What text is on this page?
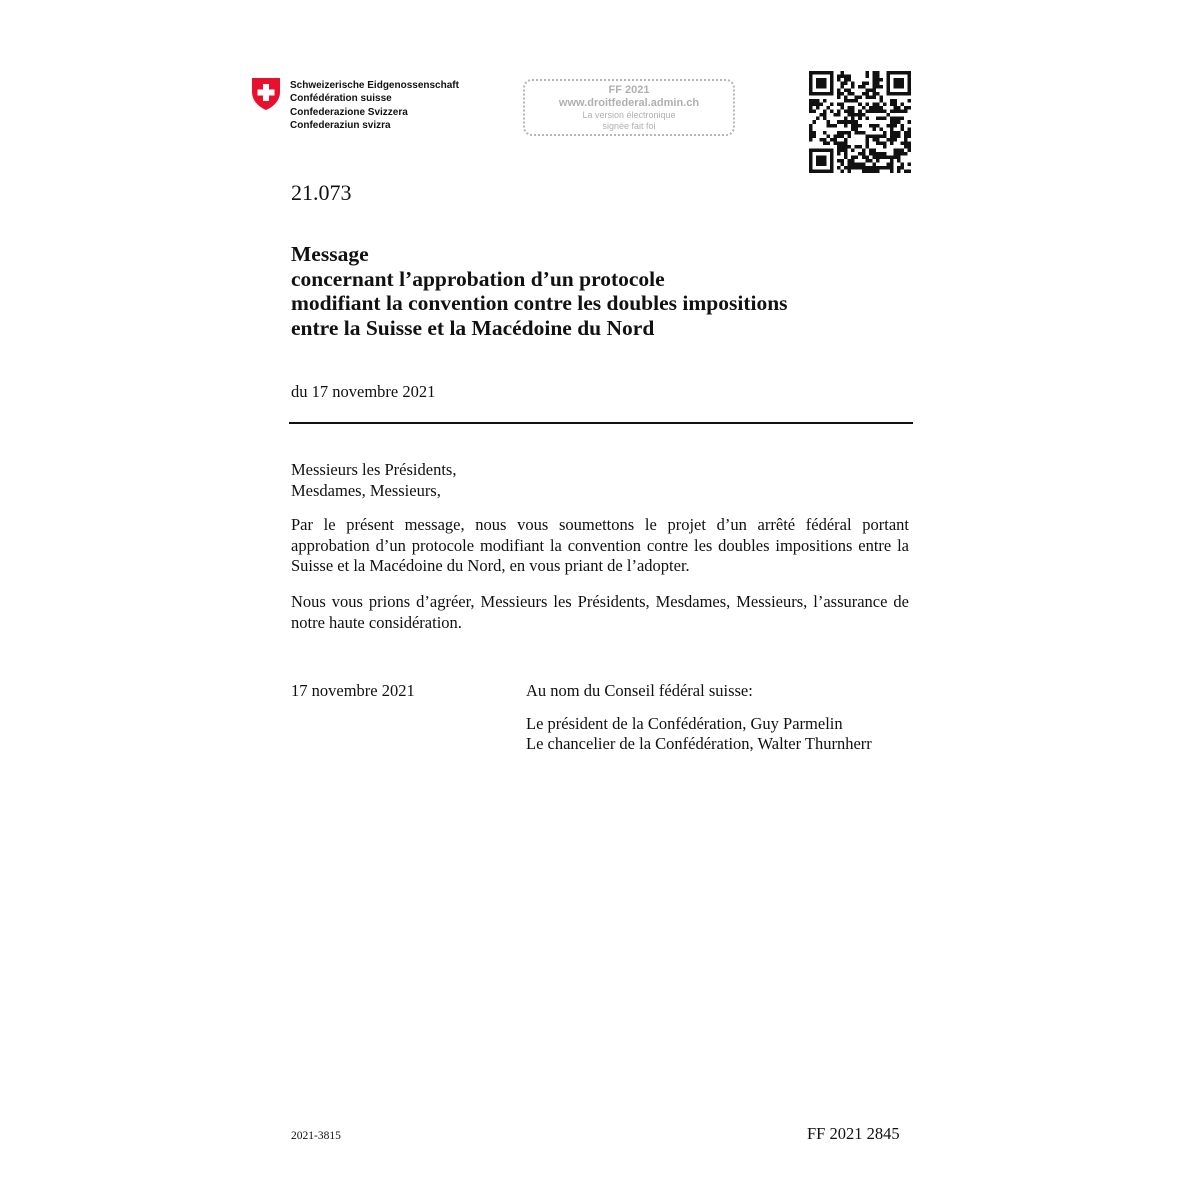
Schweizerische Eidgenossenschaft
Confédération suisse
Confederazione Svizzera
Confederaziun svizra
FF 2021
www.droitfederal.admin.ch
La version électronique
signée fait foi
21.073
Message
concernant l’approbation d’un protocole
modifiant la convention contre les doubles impositions
entre la Suisse et la Macédoine du Nord
du 17 novembre 2021
Messieurs les Présidents,
Mesdames, Messieurs,
Par le présent message, nous vous soumettons le projet d’un arrêté fédéral portant approbation d’un protocole modifiant la convention contre les doubles impositions entre la Suisse et la Macédoine du Nord, en vous priant de l’adopter.
Nous vous prions d’agréer, Messieurs les Présidents, Mesdames, Messieurs, l’assurance de notre haute considération.
17 novembre 2021	Au nom du Conseil fédéral suisse:
Le président de la Confédération, Guy Parmelin
Le chancelier de la Confédération, Walter Thurnherr
2021-3815	FF 2021 2845
